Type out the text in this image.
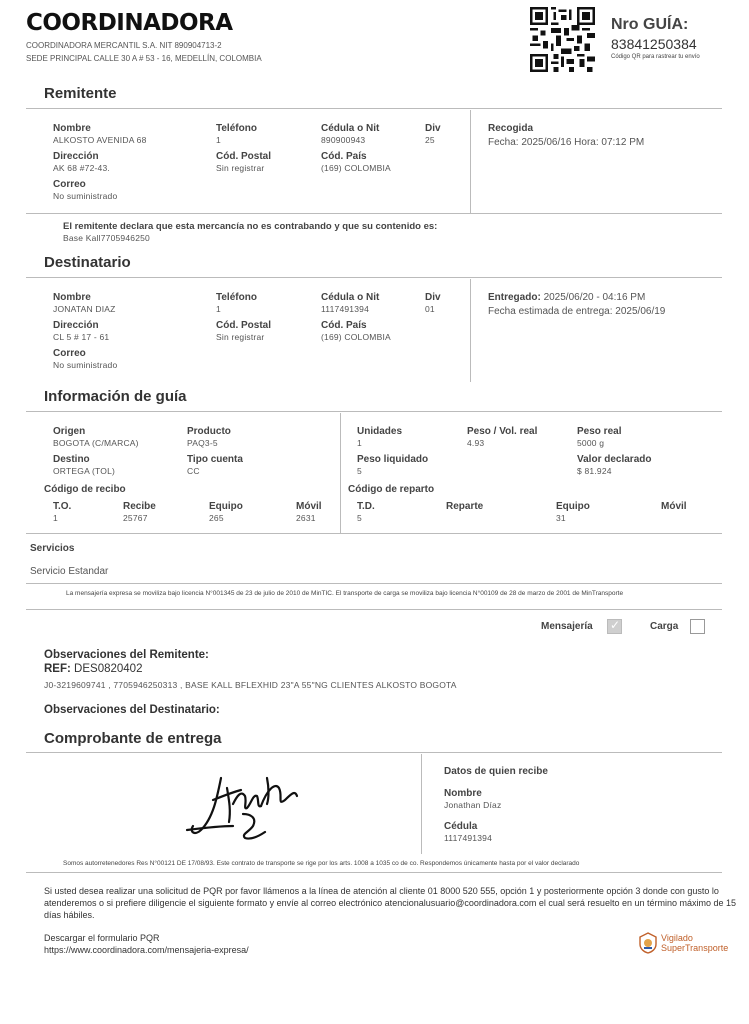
COORDINADORA
COORDINADORA MERCANTIL S.A. NIT 890904713-2
SEDE PRINCIPAL CALLE 30 A # 53 - 16, MEDELLÍN, COLOMBIA
Nro GUÍA:
83841250384
Código QR para rastrear tu envío
Remitente
Nombre
ALKOSTO AVENIDA 68
Teléfono
1
Cédula o Nit
890900943
Div
25
Dirección
AK 68 #72-43.
Cód. Postal
Sin registrar
Cód. País
(169) COLOMBIA
Correo
No suministrado
Recogida
Fecha: 2025/06/16 Hora: 07:12 PM
El remitente declara que esta mercancía no es contrabando y que su contenido es:
Base Kall7705946250
Destinatario
Nombre
JONATAN DIAZ
Teléfono
1
Cédula o Nit
1117491394
Div
01
Dirección
CL 5 # 17 - 61
Cód. Postal
Sin registrar
Cód. País
(169) COLOMBIA
Correo
No suministrado
Entregado: 2025/06/20 - 04:16 PM
Fecha estimada de entrega: 2025/06/19
Información de guía
Origen
BOGOTA (C/MARCA)
Producto
PAQ3-5
Destino
ORTEGA (TOL)
Tipo cuenta
CC
Unidades
1
Peso / Vol. real
4.93
Peso real
5000 g
Peso liquidado
5
Valor declarado
$ 81.924
Código de recibo
T.O.
1
Recibe
25767
Equipo
265
Móvil
2631
Código de reparto
T.D.
5
Reparte	Equipo
31
Móvil
Servicios
Servicio Estandar
La mensajería expresa se moviliza bajo licencia N°001345 de 23 de julio de 2010 de MinTIC. El transporte de carga se moviliza bajo licencia N°00109 de 28 de marzo de 2001 de MinTransporte
Mensajería
✓	Carga
Observaciones del Remitente:
REF: DES0820402
J0-3219609741 , 7705946250313 , BASE KALL BFLEXHID 23"A 55"NG CLIENTES ALKOSTO BOGOTA
Observaciones del Destinatario:
Comprobante de entrega
Datos de quien recibe
Nombre
Jonathan Díaz
Cédula
1117491394
Somos autorretenedores Res N°00121 DE 17/08/93. Este contrato de transporte se rige por los arts. 1008 a 1035 co de co. Respondemos únicamente hasta por el valor declarado
Si usted desea realizar una solicitud de PQR por favor llámenos a la línea de atención al cliente 01 8000 520 555, opción 1 y posteriormente opción 3 donde con gusto lo atenderemos o si prefiere diligencie el siguiente formato y envíe al correo electrónico atencionalusuario@coordinadora.com el cual será resuelto en un término máximo de 15 días hábiles.
Descargar el formulario PQR
https://www.coordinadora.com/mensajeria-expresa/
Vigilado
SuperTransporte
